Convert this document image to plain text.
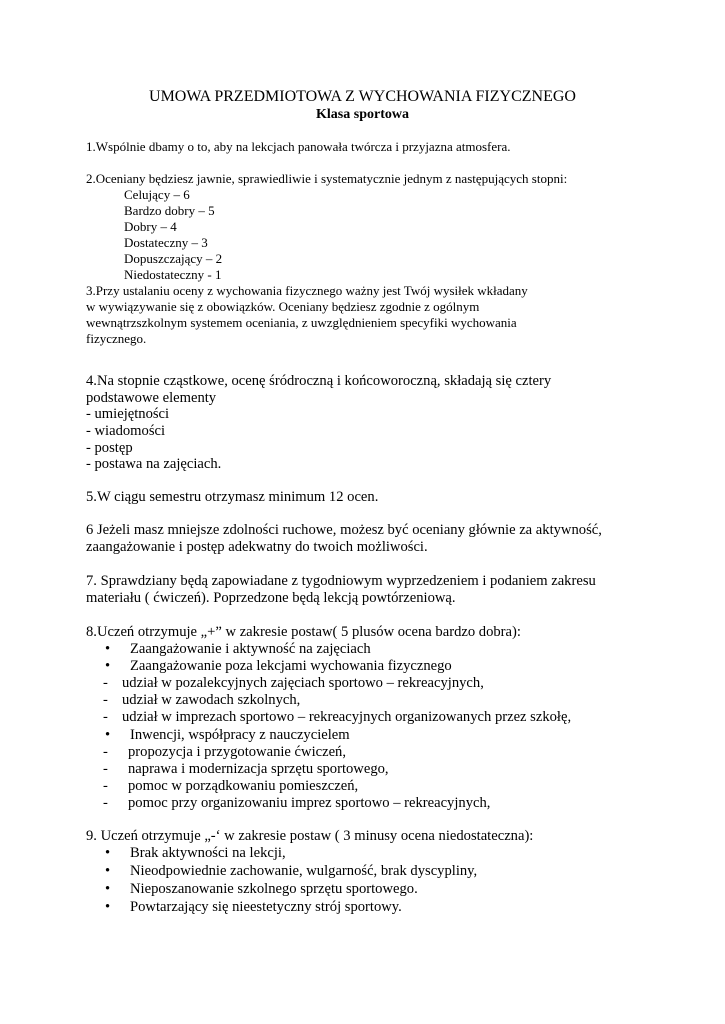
UMOWA PRZEDMIOTOWA Z WYCHOWANIA FIZYCZNEGO
Klasa sportowa
1.Wspólnie dbamy o to, aby na lekcjach panowała twórcza i przyjazna atmosfera.
2.Oceniany będziesz jawnie, sprawiedliwie i systematycznie jednym z następujących stopni:
Celujący – 6
Bardzo dobry – 5
Dobry – 4
Dostateczny – 3
Dopuszczający – 2
Niedostateczny - 1
3.Przy ustalaniu oceny z wychowania fizycznego ważny jest Twój wysiłek wkładany
w wywiązywanie się z obowiązków. Oceniany będziesz zgodnie z ogólnym
wewnątrzszkolnym systemem oceniania, z uwzględnieniem specyfiki wychowania
fizycznego.
4.Na stopnie cząstkowe, ocenę śródroczną i końcoworoczną, składają się cztery
podstawowe elementy
- umiejętności
- wiadomości
- postęp
- postawa na zajęciach.
5.W ciągu semestru otrzymasz minimum 12 ocen.
6 Jeżeli masz mniejsze zdolności ruchowe, możesz być oceniany głównie za aktywność,
zaangażowanie i postęp adekwatny do twoich możliwości.
7. Sprawdziany będą zapowiadane z tygodniowym wyprzedzeniem i podaniem zakresu
materiału ( ćwiczeń). Poprzedzone będą lekcją powtórzeniową.
8.Uczeń otrzymuje „+” w zakresie postaw( 5 plusów ocena bardzo dobra):
• Zaangażowanie i aktywność na zajęciach
• Zaangażowanie poza lekcjami wychowania fizycznego
- udział w pozalekcyjnych zajęciach sportowo – rekreacyjnych,
- udział w zawodach szkolnych,
- udział w imprezach sportowo – rekreacyjnych organizowanych przez szkołę,
• Inwencji, współpracy z nauczycielem
- propozycja i przygotowanie ćwiczeń,
- naprawa i modernizacja sprzętu sportowego,
- pomoc w porządkowaniu pomieszczeń,
- pomoc przy organizowaniu imprez sportowo – rekreacyjnych,
9. Uczeń otrzymuje „-‘ w zakresie postaw ( 3 minusy ocena niedostateczna):
• Brak aktywności na lekcji,
• Nieodpowiednie zachowanie, wulgarność, brak dyscypliny,
• Nieposzanowanie szkolnego sprzętu sportowego.
• Powtarzający się nieestetyczny strój sportowy.
